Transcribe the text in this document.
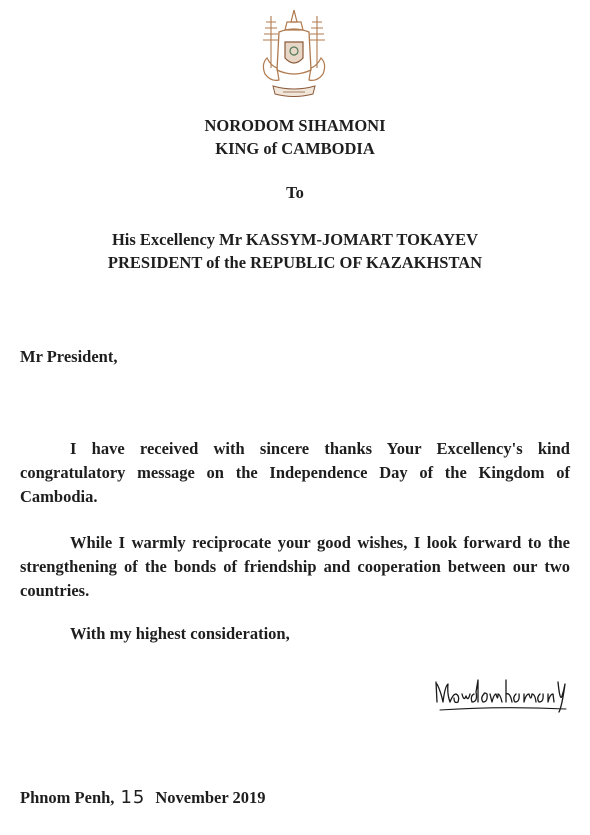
NORODOM SIHAMONI
KING of CAMBODIA
To
His Excellency Mr KASSYM-JOMART TOKAYEV
PRESIDENT of the REPUBLIC OF KAZAKHSTAN
Mr President,
I have received with sincere thanks Your Excellency's kind congratulatory message on the Independence Day of the Kingdom of Cambodia.
While I warmly reciprocate your good wishes, I look forward to the strengthening of the bonds of friendship and cooperation between our two countries.
With my highest consideration,
Phnom Penh, 15 November 2019
